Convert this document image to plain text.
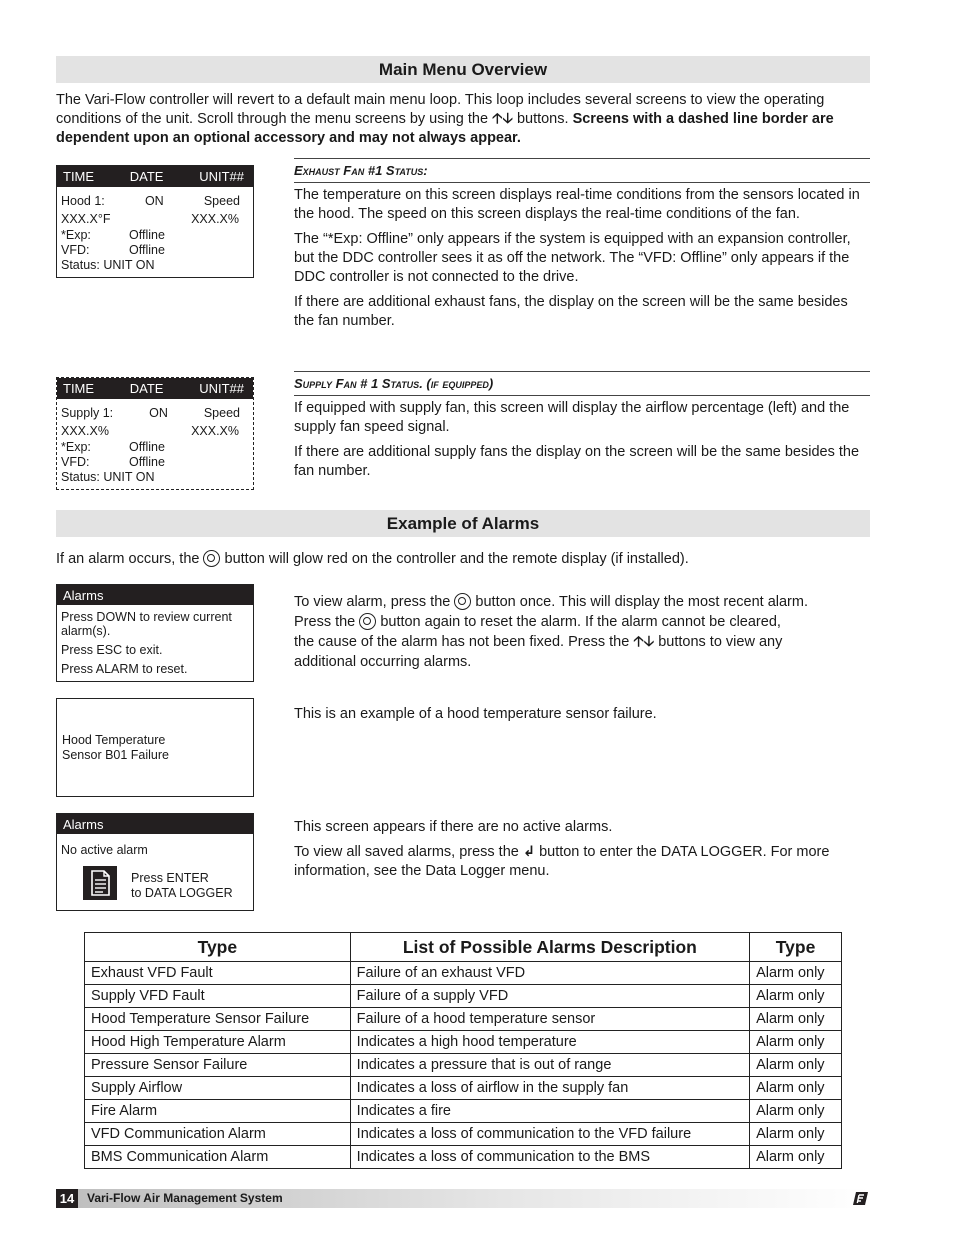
Main Menu Overview
The Vari-Flow controller will revert to a default main menu loop. This loop includes several screens to view the operating conditions of the unit. Scroll through the menu screens by using the 🡡🡣 buttons. Screens with a dashed line border are dependent upon an optional accessory and may not always appear.
TIME	DATE	UNIT##
Hood 1:	ON	Speed
XXX.X°F	XXX.X%
*Exp:	Offline
VFD:	Offline
Status: UNIT ON
Exhaust Fan #1 Status:

The temperature on this screen displays real-time conditions from the sensors located in the hood. The speed on this screen displays the real-time conditions of the fan.

The “*Exp: Offline” only appears if the system is equipped with an expansion controller, but the DDC controller sees it as off the network. The “VFD: Offline” only appears if the DDC controller is not connected to the drive.

If there are additional exhaust fans, the display on the screen will be the same besides the fan number.

TIME	DATE	UNIT##
Supply 1:	ON	Speed
XXX.X%	XXX.X%
*Exp:	Offline
VFD:	Offline
Status: UNIT ON
Supply Fan # 1 Status. (if equipped)

If equipped with supply fan, this screen will display the airflow percentage (left) and the supply fan speed signal.

If there are additional supply fans the display on the screen will be the same besides the fan number.

Example of Alarms
If an alarm occurs, the button will glow red on the controller and the remote display (if installed).
Alarms
Press DOWN to review current alarm(s).
Press ESC to exit.
Press ALARM to reset.
To view alarm, press the button once. This will display the most recent alarm.
Press the button again to reset the alarm. If the alarm cannot be cleared,
the cause of the alarm has not been fixed. Press the 🡡🡣 buttons to view any
additional occurring alarms.
Hood Temperature
Sensor B01 Failure
This is an example of a hood temperature sensor failure.
Alarms
No active alarm
Press ENTER
to DATA LOGGER

This screen appears if there are no active alarms.

To view all saved alarms, press the ↲ button to enter the DATA LOGGER. For more information, see the Data Logger menu.

Type	List of Possible Alarms Description	Type
Exhaust VFD Fault	Failure of an exhaust VFD	Alarm only
Supply VFD Fault	Failure of a supply VFD	Alarm only
Hood Temperature Sensor Failure	Failure of a hood temperature sensor	Alarm only
Hood High Temperature Alarm	Indicates a high hood temperature	Alarm only
Pressure Sensor Failure	Indicates a pressure that is out of range	Alarm only
Supply Airflow	Indicates a loss of airflow in the supply fan	Alarm only
Fire Alarm	Indicates a fire	Alarm only
VFD Communication Alarm	Indicates a loss of communication to the VFD failure	Alarm only
BMS Communication Alarm	Indicates a loss of communication to the BMS	Alarm only
14	Vari-Flow Air Management System
